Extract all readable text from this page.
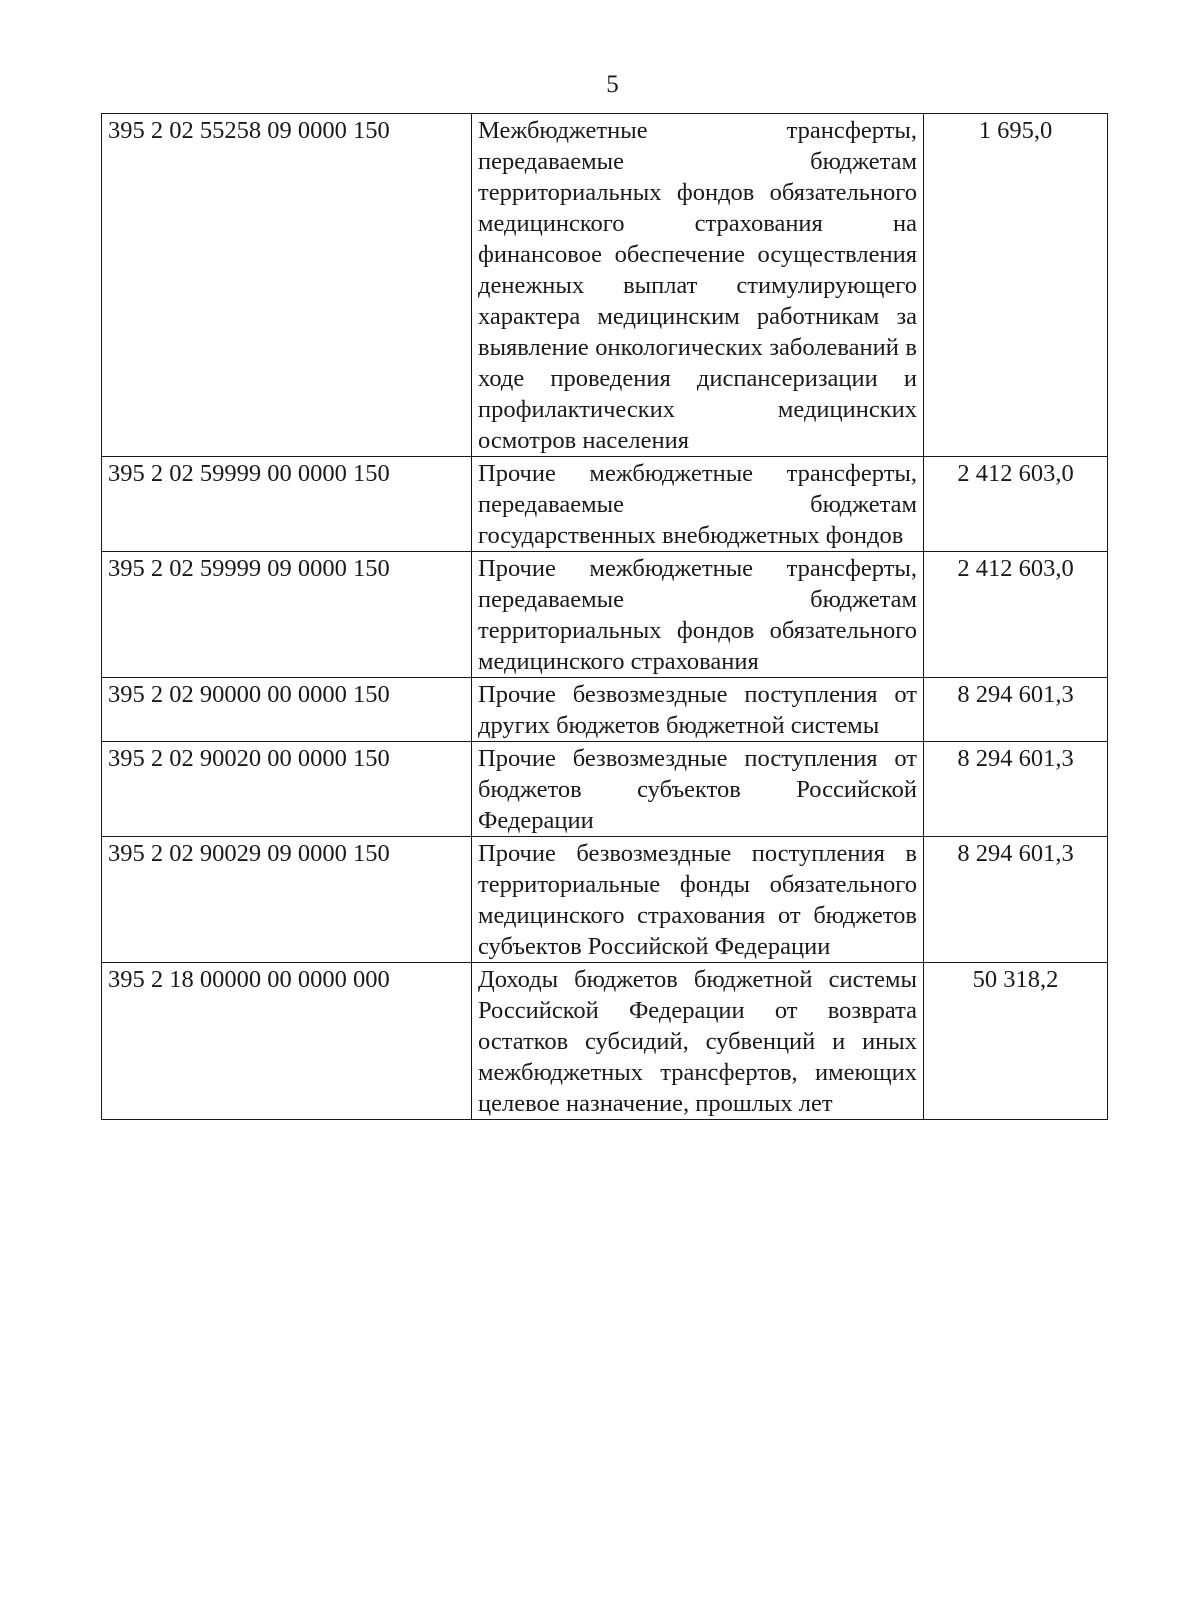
5
395 2 02 55258 09 0000 150	Межбюджетные трансферты, передаваемые бюджетам территориальных фондов обязательного медицинского страхования на финансовое обеспечение осуществления денежных выплат стимулирующего характера медицинским работникам за выявление онкологических заболеваний в ходе проведения диспансеризации и профилактических медицинских осмотров населения	1 695,0
395 2 02 59999 00 0000 150	Прочие межбюджетные трансферты, передаваемые бюджетам государственных внебюджетных фондов	2 412 603,0
395 2 02 59999 09 0000 150	Прочие межбюджетные трансферты, передаваемые бюджетам территориальных фондов обязательного медицинского страхования	2 412 603,0
395 2 02 90000 00 0000 150	Прочие безвозмездные поступления от других бюджетов бюджетной системы	8 294 601,3
395 2 02 90020 00 0000 150	Прочие безвозмездные поступления от бюджетов субъектов Российской Федерации	8 294 601,3
395 2 02 90029 09 0000 150	Прочие безвозмездные поступления в территориальные фонды обязательного медицинского страхования от бюджетов субъектов Российской Федерации	8 294 601,3
395 2 18 00000 00 0000 000	Доходы бюджетов бюджетной системы Российской Федерации от возврата остатков субсидий, субвенций и иных межбюджетных трансфертов, имеющих целевое назначение, прошлых лет	50 318,2
